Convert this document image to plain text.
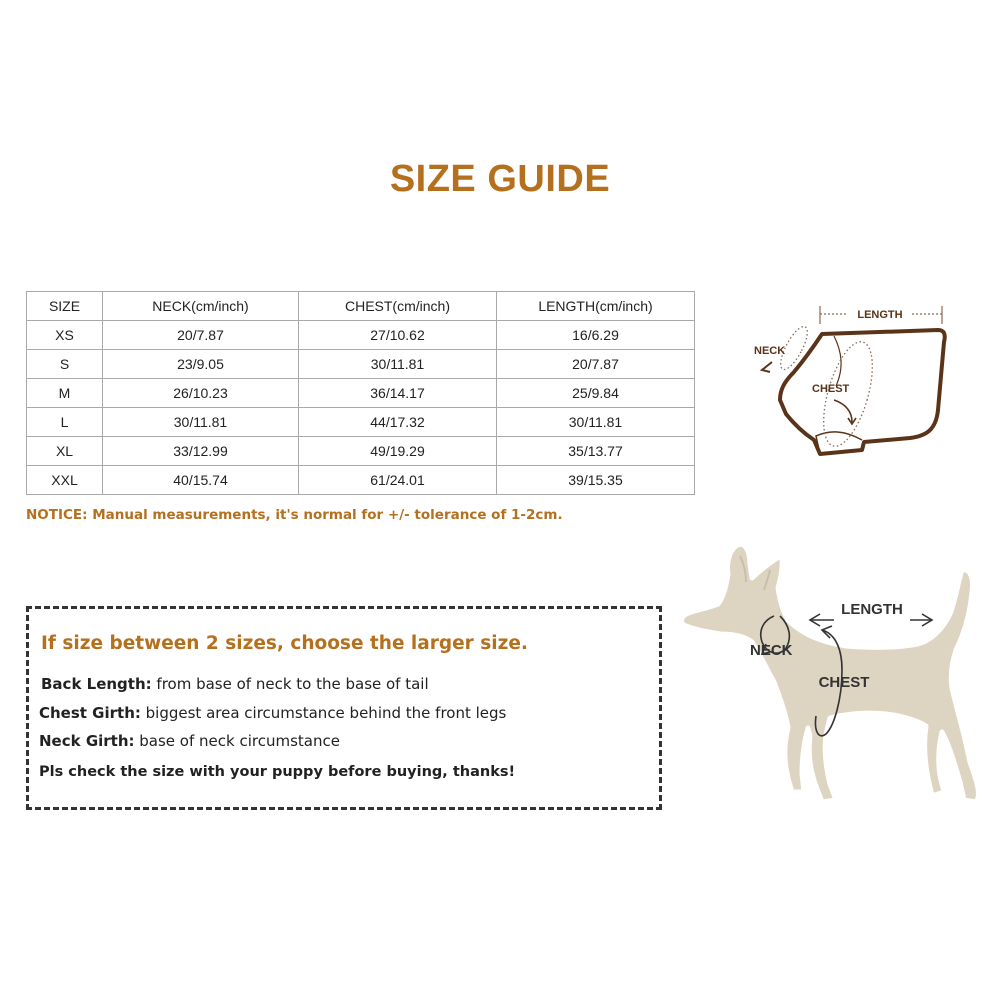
SIZE GUIDE
SIZE	NECK(cm/inch)	CHEST(cm/inch)	LENGTH(cm/inch)
XS	20/7.87	27/10.62	16/6.29
S	23/9.05	30/11.81	20/7.87
M	26/10.23	36/14.17	25/9.84
L	30/11.81	44/17.32	30/11.81
XL	33/12.99	49/19.29	35/13.77
XXL	40/15.74	61/24.01	39/15.35
NOTICE: Manual measurements, it's normal for +/- tolerance of 1-2cm.
LENGTH
NECK
CHEST
If size between 2 sizes, choose the larger size.
Back Length: from base of neck to the base of tail
Chest Girth: biggest area circumstance behind the front legs
Neck Girth: base of neck circumstance
Pls check the size with your puppy before buying, thanks!
LENGTH
NECK
CHEST
